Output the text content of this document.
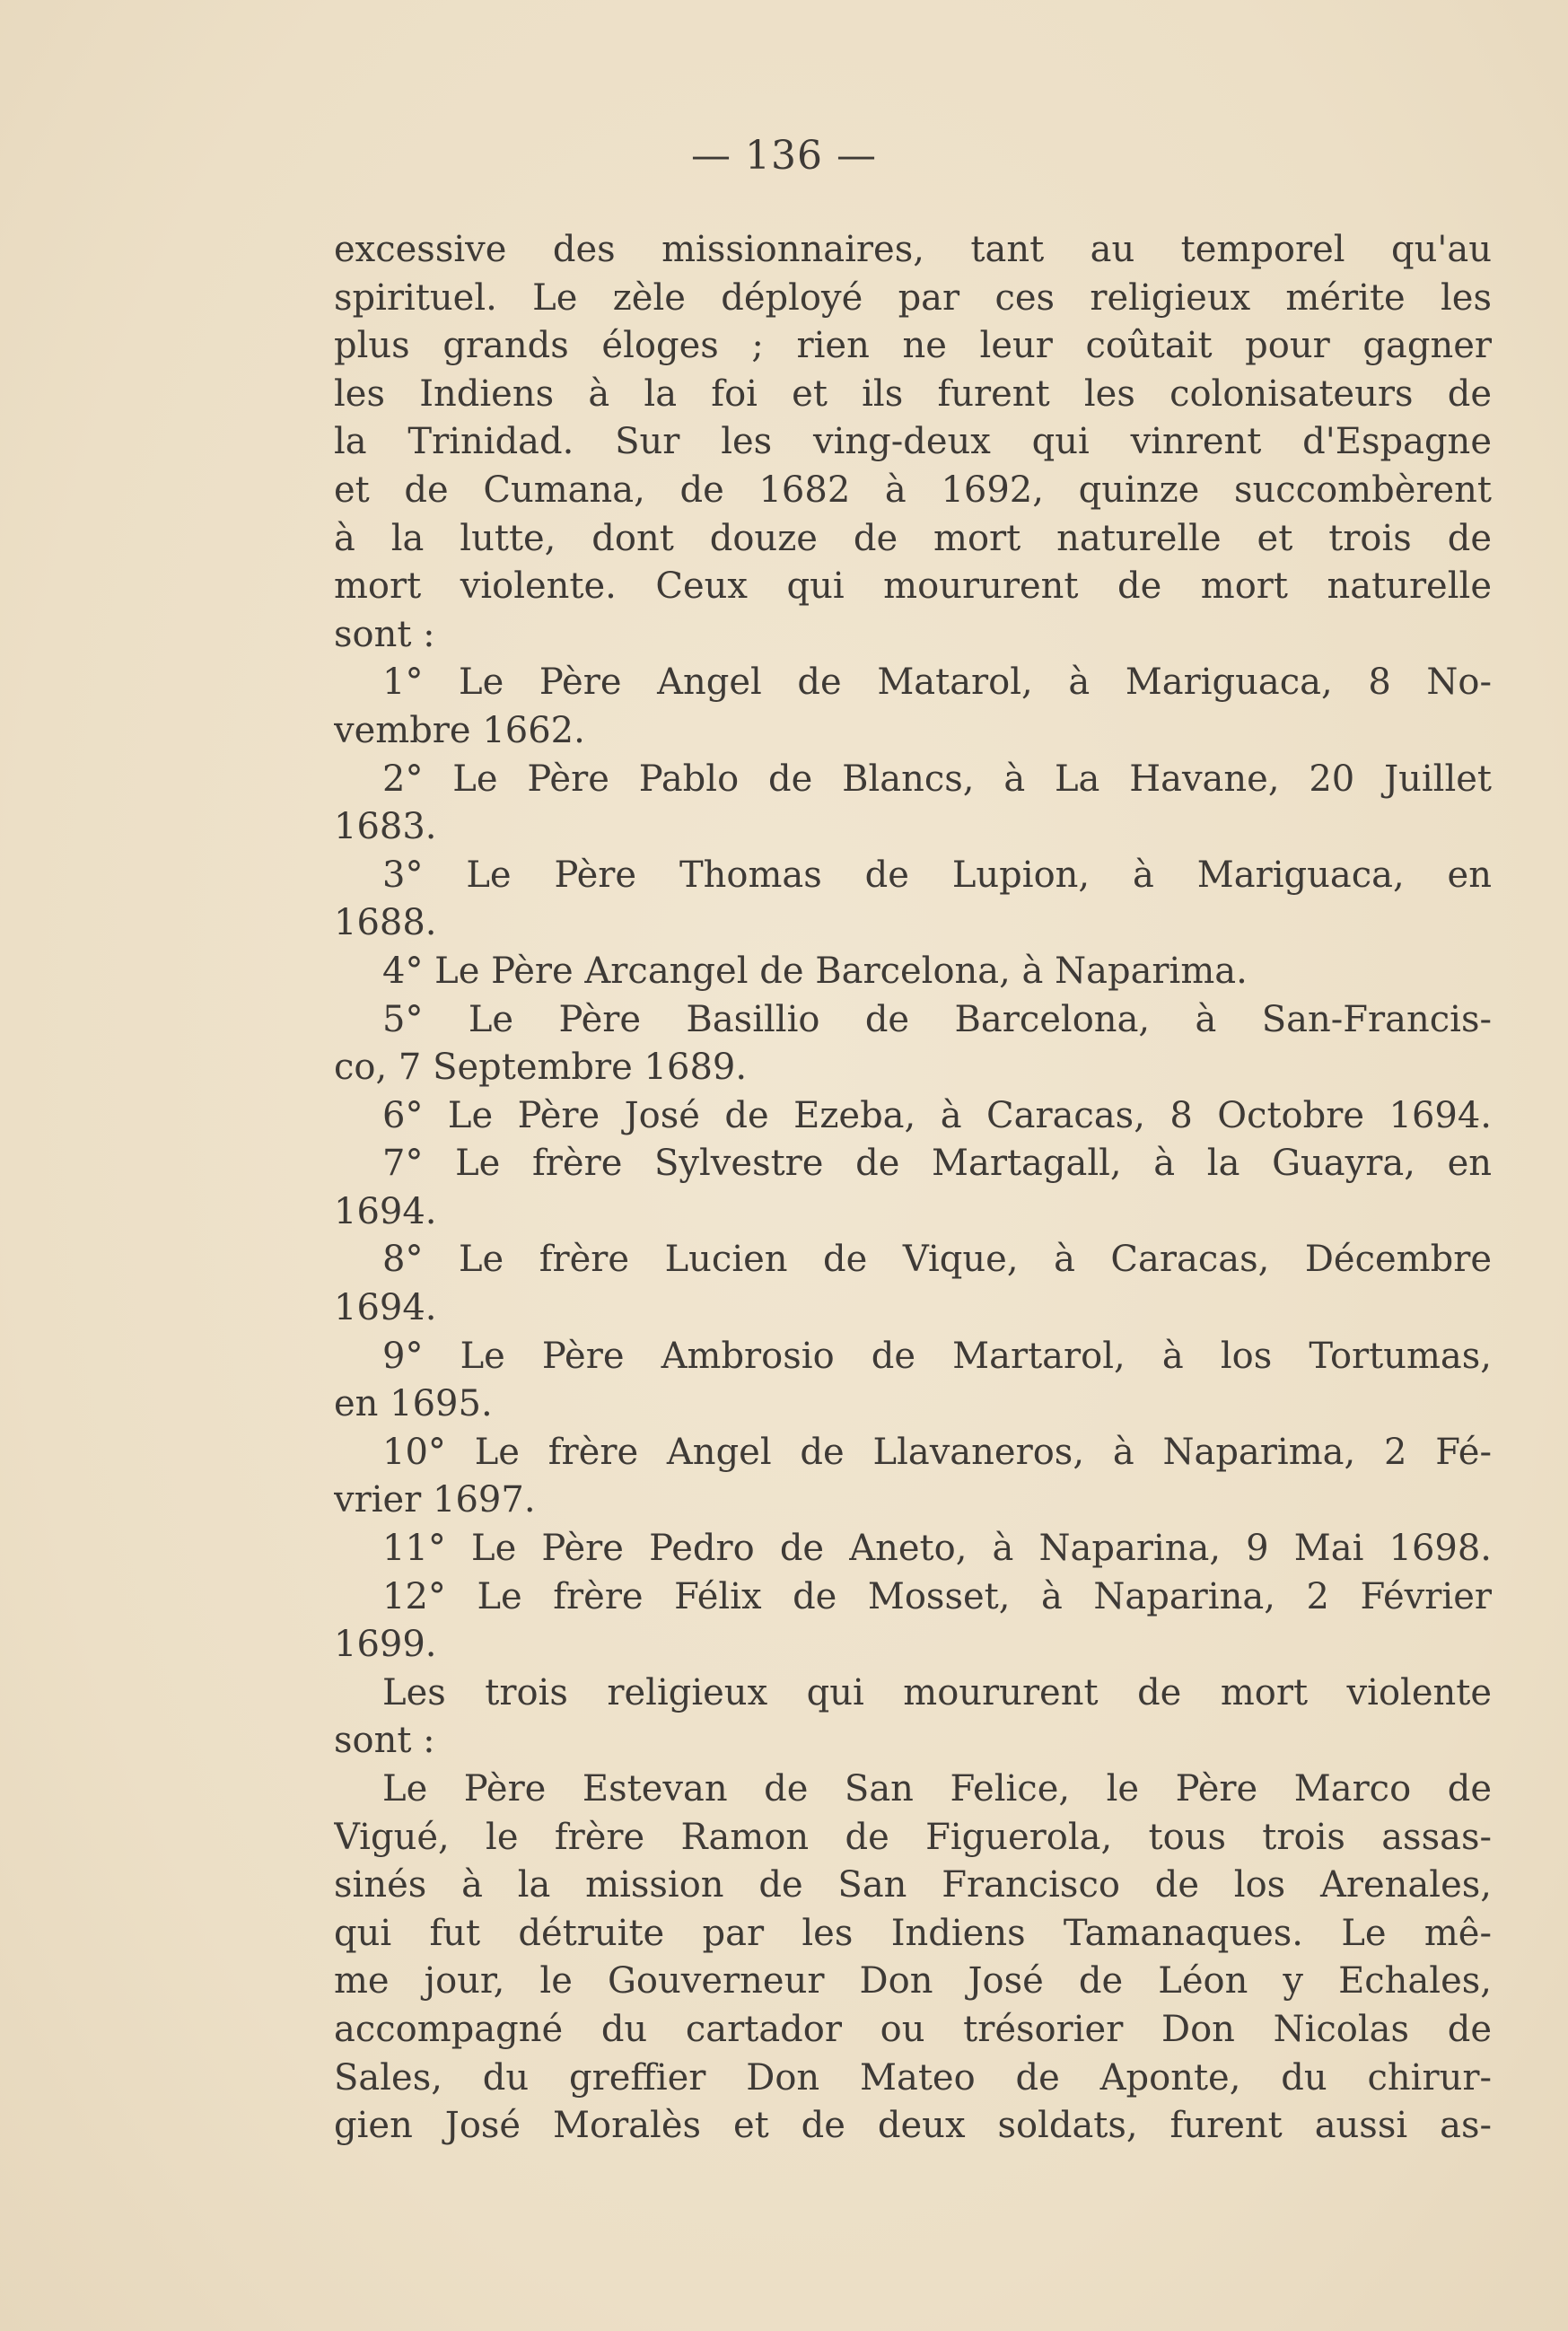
— 136 —
excessive des missionnaires, tant au temporel qu'au
spirituel. Le zèle déployé par ces religieux mérite les
plus grands éloges ; rien ne leur coûtait pour gagner
les Indiens à la foi et ils furent les colonisateurs de
la Trinidad. Sur les ving-deux qui vinrent d'Espagne
et de Cumana, de 1682 à 1692, quinze succombèrent
à la lutte, dont douze de mort naturelle et trois de
mort violente. Ceux qui moururent de mort naturelle
sont :
1° Le Père Angel de Matarol, à Mariguaca, 8 No-
vembre 1662.
2° Le Père Pablo de Blancs, à La Havane, 20 Juillet
1683.
3° Le Père Thomas de Lupion, à Mariguaca, en
1688.
4° Le Père Arcangel de Barcelona, à Naparima.
5° Le Père Basillio de Barcelona, à San-Francis-
co, 7 Septembre 1689.
6° Le Père José de Ezeba, à Caracas, 8 Octobre 1694.
7° Le frère Sylvestre de Martagall, à la Guayra, en
1694.
8° Le frère Lucien de Vique, à Caracas, Décembre
1694.
9° Le Père Ambrosio de Martarol, à los Tortumas,
en 1695.
10° Le frère Angel de Llavaneros, à Naparima, 2 Fé-
vrier 1697.
11° Le Père Pedro de Aneto, à Naparina, 9 Mai 1698.
12° Le frère Félix de Mosset, à Naparina, 2 Février
1699.
Les trois religieux qui moururent de mort violente
sont :
Le Père Estevan de San Felice, le Père Marco de
Vigué, le frère Ramon de Figuerola, tous trois assas-
sinés à la mission de San Francisco de los Arenales,
qui fut détruite par les Indiens Tamanaques. Le mê-
me jour, le Gouverneur Don José de Léon y Echales,
accompagné du cartador ou trésorier Don Nicolas de
Sales, du greffier Don Mateo de Aponte, du chirur-
gien José Moralès et de deux soldats, furent aussi as-
